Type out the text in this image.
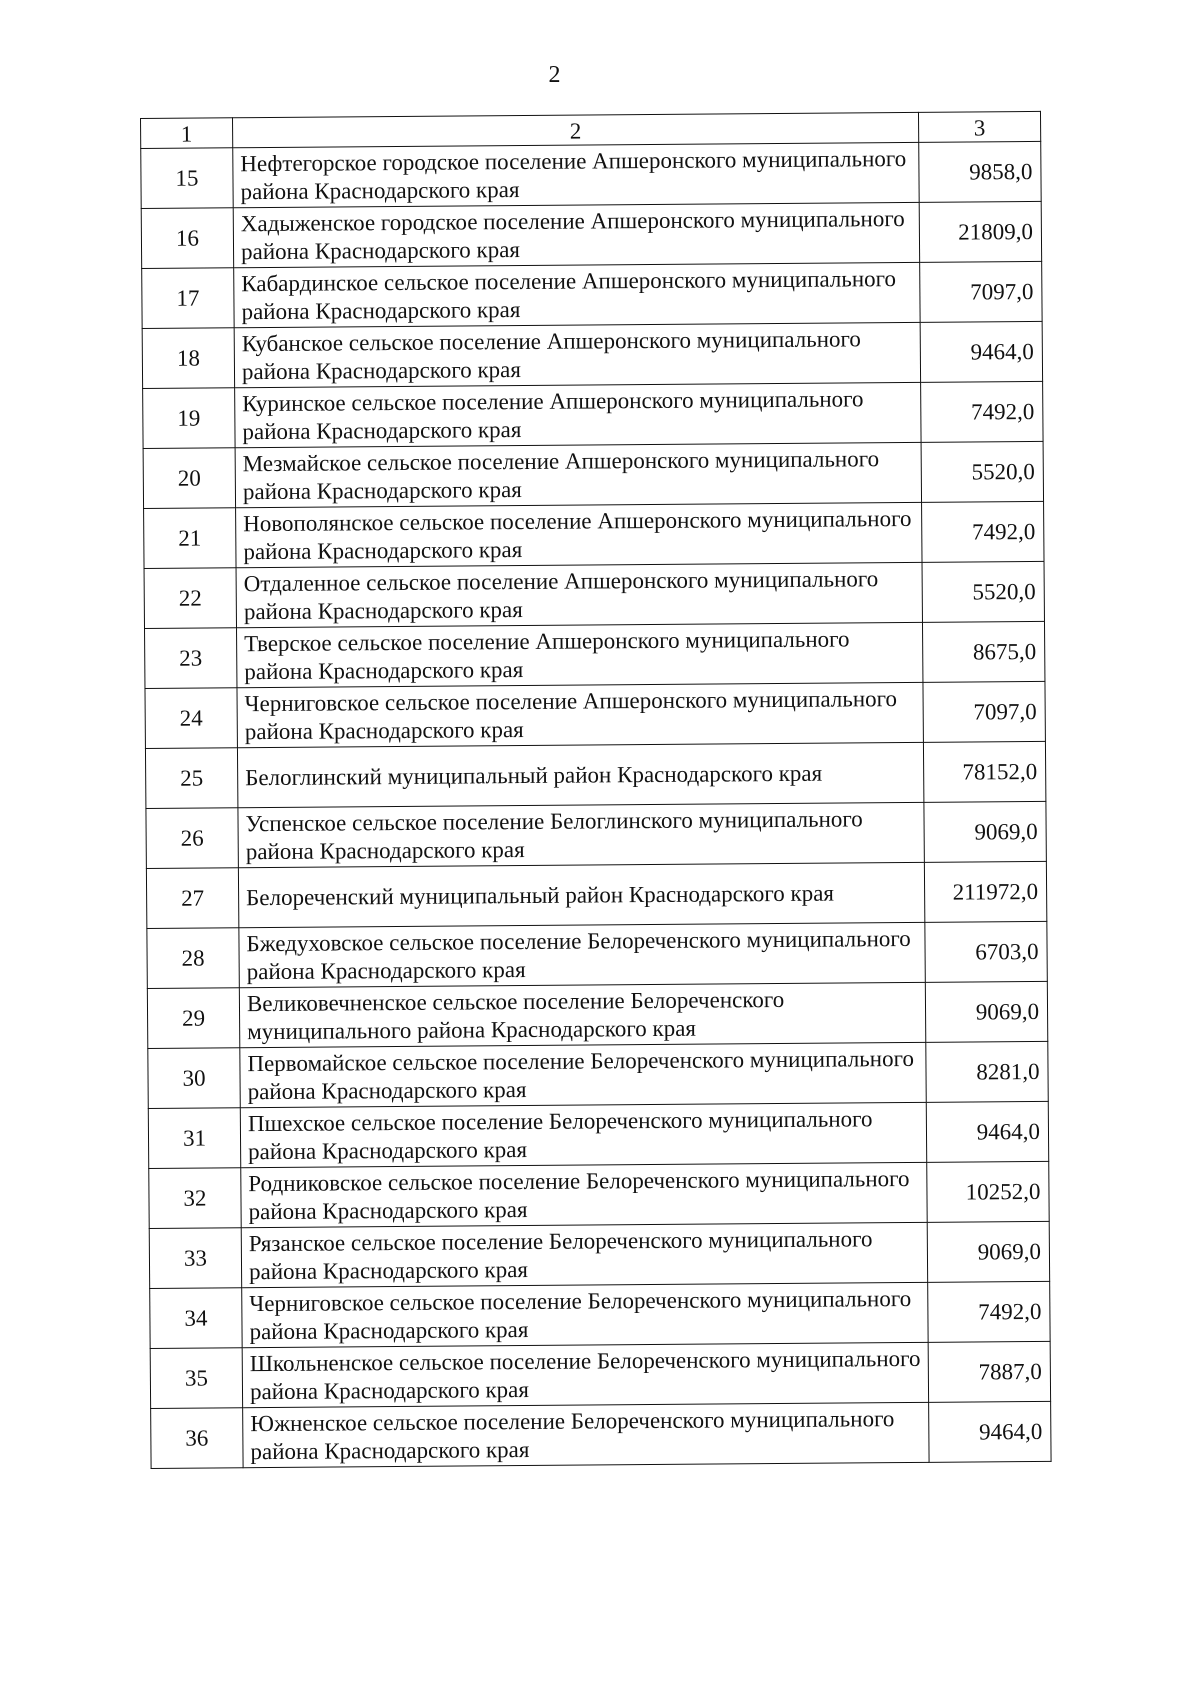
2
1	2	3
15	Нефтегорское городское поселение Апшеронского муниципального района Краснодарского края	9858,0
16	Хадыженское городское поселение Апшеронского муниципального района Краснодарского края	21809,0
17	Кабардинское сельское поселение Апшеронского муниципального района Краснодарского края	7097,0
18	Кубанское сельское поселение Апшеронского муниципального района Краснодарского края	9464,0
19	Куринское сельское поселение Апшеронского муниципального района Краснодарского края	7492,0
20	Мезмайское сельское поселение Апшеронского муниципального района Краснодарского края	5520,0
21	Новополянское сельское поселение Апшеронского муниципального района Краснодарского края	7492,0
22	Отдаленное сельское поселение Апшеронского муниципального района Краснодарского края	5520,0
23	Тверское сельское поселение Апшеронского муниципального района Краснодарского края	8675,0
24	Черниговское сельское поселение Апшеронского муниципального района Краснодарского края	7097,0
25	Белоглинский муниципальный район Краснодарского края	78152,0
26	Успенское сельское поселение Белоглинского муниципального района Краснодарского края	9069,0
27	Белореченский муниципальный район Краснодарского края	211972,0
28	Бжедуховское сельское поселение Белореченского муниципального района Краснодарского края	6703,0
29	Великовечненское сельское поселение Белореченского муниципального района Краснодарского края	9069,0
30	Первомайское сельское поселение Белореченского муниципального района Краснодарского края	8281,0
31	Пшехское сельское поселение Белореченского муниципального района Краснодарского края	9464,0
32	Родниковское сельское поселение Белореченского муниципального района Краснодарского края	10252,0
33	Рязанское сельское поселение Белореченского муниципального района Краснодарского края	9069,0
34	Черниговское сельское поселение Белореченского муниципального района Краснодарского края	7492,0
35	Школьненское сельское поселение Белореченского муниципального района Краснодарского края	7887,0
36	Южненское сельское поселение Белореченского муниципального района Краснодарского края	9464,0
